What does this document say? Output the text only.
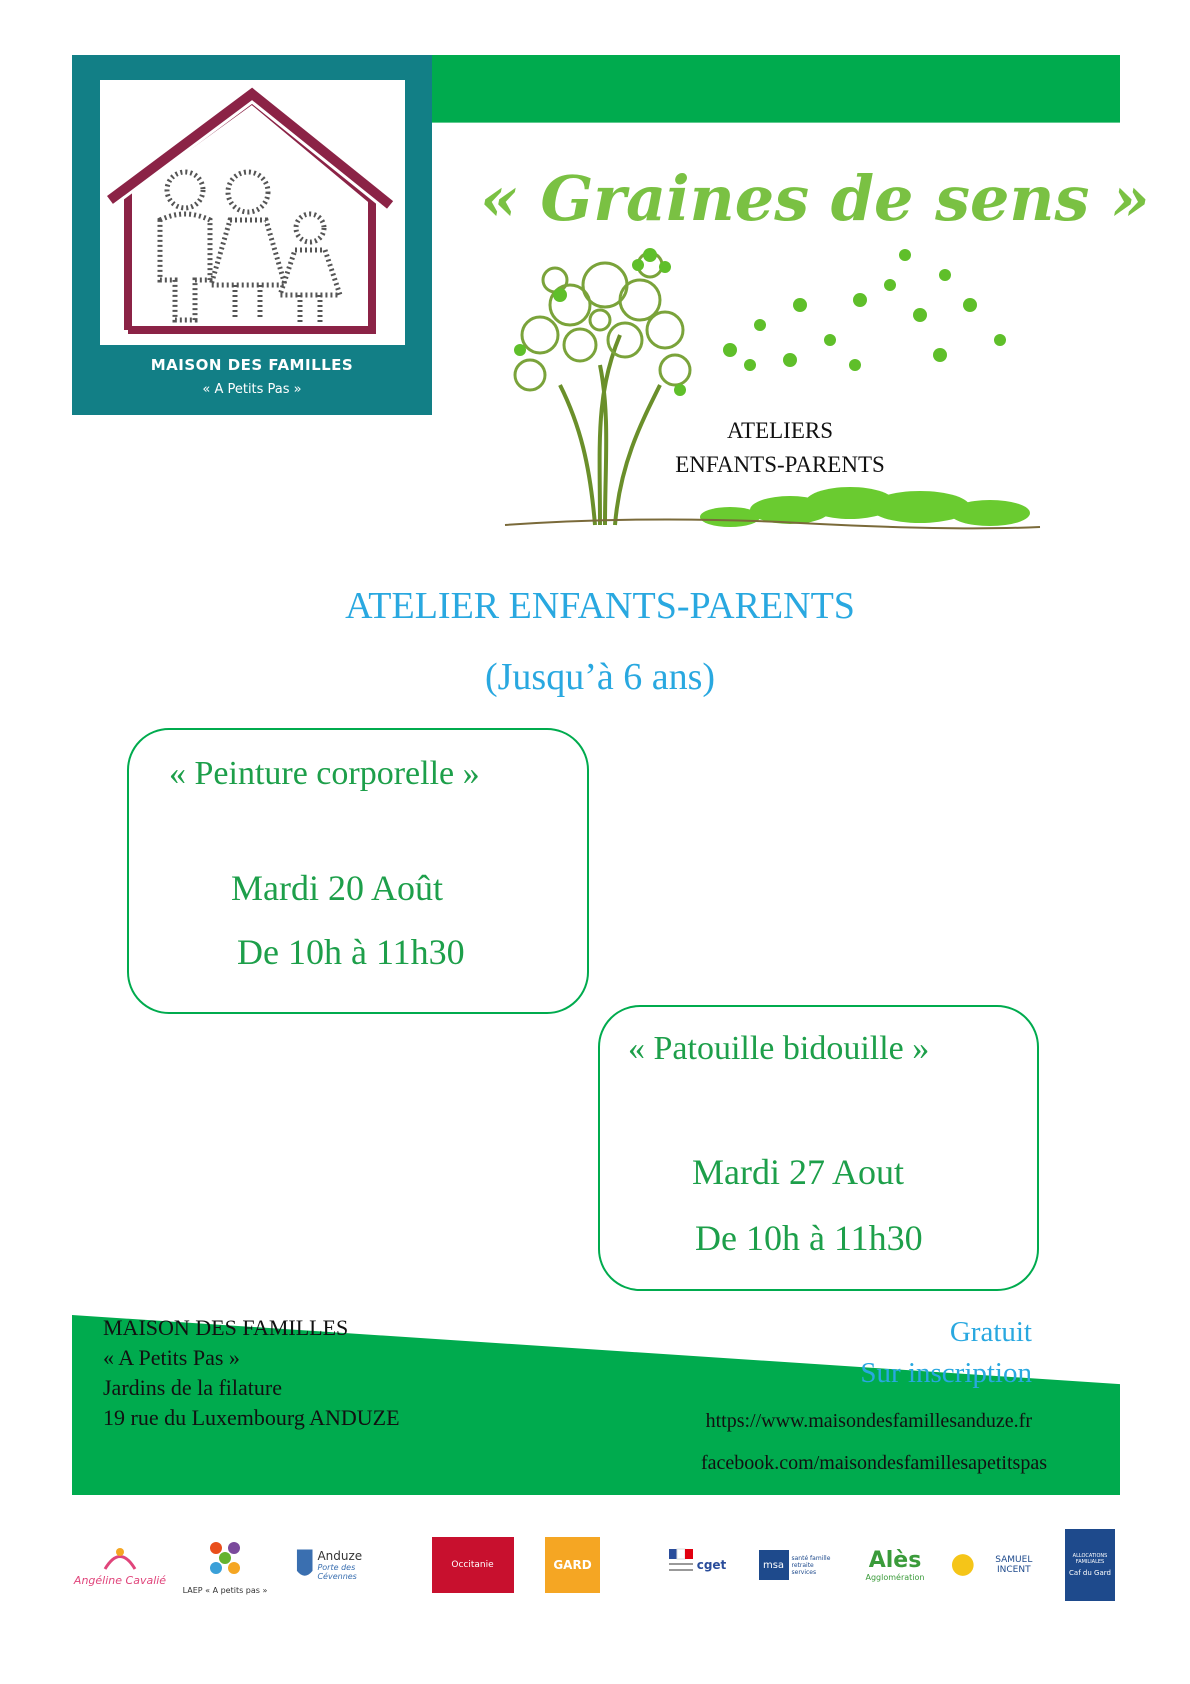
MAISON DES FAMILLES
« A Petits Pas »
« Graines de sens »
ATELIERS
ENFANTS-PARENTS
ATELIER ENFANTS-PARENTS
(Jusqu’à 6 ans)
« Peinture corporelle »
Mardi 20 Août
De 10h à 11h30
« Patouille bidouille »
Mardi 27 Aout
De 10h à 11h30
MAISON DES FAMILLES
« A Petits Pas »
Jardins de la filature
19 rue du Luxembourg ANDUZE
Gratuit
Sur inscription
https://www.maisondesfamillesanduze.fr
facebook.com/maisondesfamillesapetitspas
Angéline Cavalié
LAEP « A petits pas »
Anduze
Porte des Cévennes
Occitanie	GARD	cget	msa
santé famille retraite services	Alès
Agglomération
SAMUEL INCENT
ALLOCATIONS FAMILIALES
Caf du Gard
